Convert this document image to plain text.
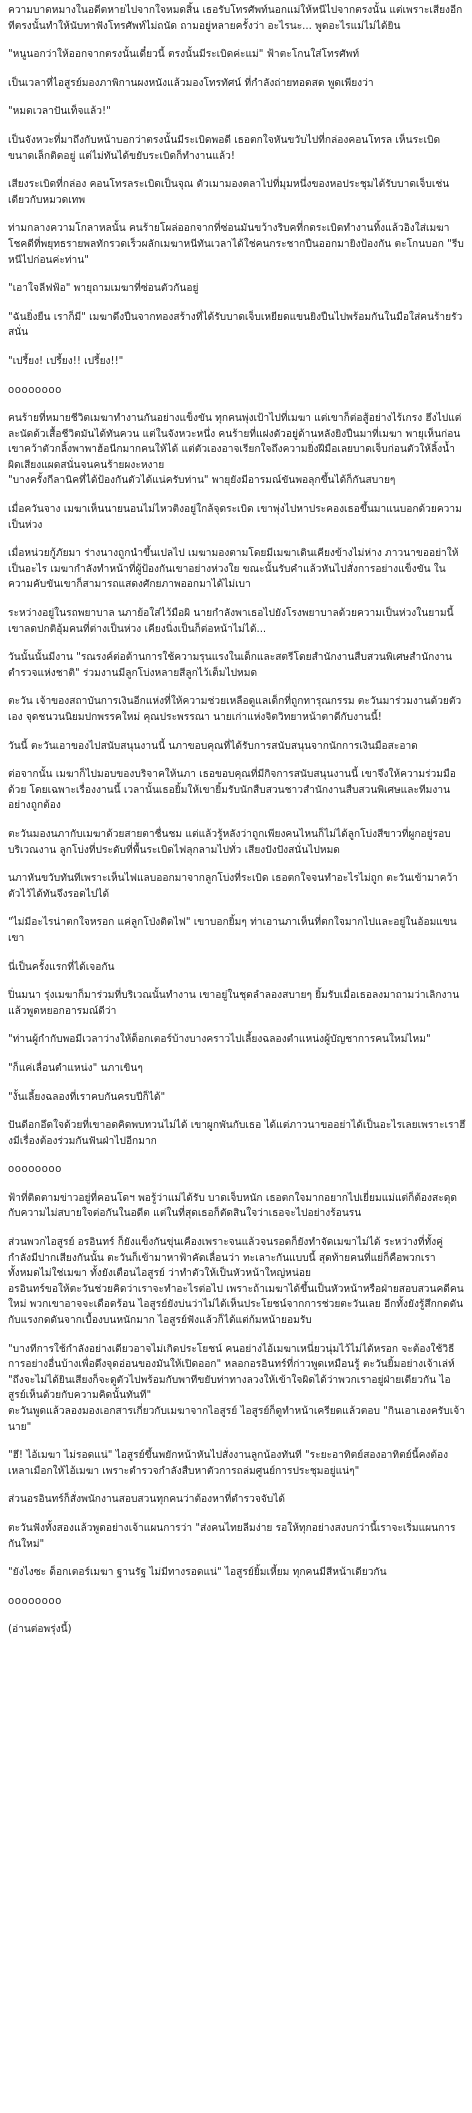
ความบาดหมางในอดีตหายไปจากใจหมดสิ้น เธอรับโทรศัพท์นอกแม่ให้หนีไปจากตรงนั้น แต่เพราะเสียงอีกทีตรงนั้นทำให้นับทาฟังโทรศัพท์ไม่ถนัด ถามอยู่หลายครั้งว่า อะไรนะ... พูดอะไรแม่ไม่ได้ยิน
"หนูนอกว่าให้ออกจากตรงนั้นเดี๋ยวนี้ ตรงนั้นมีระเบิดค่ะแม่" ฟ้าตะโกนใส่โทรศัพท์
เป็นเวลาที่ไอสูรย์มองภาพิกานผงหนังแล้วมองโทรทัศน์ ที่กำลังถ่ายทอดสด พูดเพียงว่า
"หมดเวลาปันเท็จแล้ว!"
เป็นจังหวะที่มาถึงกับหน้าบอกว่าตรงนั้นมีระเบิดพอดี เธอตกใจหันขวับไปที่กล่องคอนโทรล เห็นระเบิดขนาดเล็กติดอยู่ แต่ไม่ทันได้ขยับระเบิดก็ทำงานแล้ว!
เสียงระเบิดที่กล่อง คอนโทรลระเบิดเป็นจุณ ตัวเมามองตลาไปที่มุมหนึ่งของหอประชุมได้รับบาดเจ็บเช่นเดียวกับหมวดเทพ
ท่ามกลางความโกลาหลนั้น คนร้ายโผล่ออกจากที่ซ่อนมันขว้างริบคที่กดระเบิดทำงานทิ้งแล้วอิงใส่เมฆา โชคดีที่พยุทธรายพลทักรวดเร็วผลักเมฆาหนีทันเวลาได้ใช่คนกระชากปืนออกมายิงป้องกัน ตะโกนบอก "รีบหนีไปก่อนค่ะท่าน"
"เอาใจลีฟฟ้อ" พายุถามเมฆาที่ซ่อนตัวกันอยู่
"ฉันยิ่งยืน เราก็มี" เมฆาดึงปืนจากทองสร้างที่ได้รับบาดเจ็บเหยียดแขนยิงปืนไปพร้อมกันในมือใส่คนร้ายรัวสนั่น
"เปรี้ยง! เปรี้ยง!! เปรี้ยง!!"
oooooooo
คนร้ายที่หมายชีวิตเมฆาทำงานกันอย่างแข็งขัน ทุกคนพุ่งเป้าไปที่เมฆา แต่เขาก็ต่อสู้อย่างไร้เกรง ฮึงไปแต่ละนัดด้วเสื้อชีวิตมันได้ทันควน แต่ในจังหวะหนึ่ง คนร้ายที่แฝงตัวอยู่ด้านหลังยิงปืนมาที่เมฆา พายุเห็นก่อน เขาคว้าตัวกลิ้งพาพาฮ้อนีกมากคนให้ได้ แต่ตัวเองอาจเรียกใจถึงความยิ่งฝีมือเลยบาดเจ็บก่อนตัวให้ลิ้งน้ำผิดเสียงแผดสนั่นจนคนร้ายผงะหงาย
"บางครั้งกีลานิคที่ได้ป้องกันตัวได้แน่ครับท่าน" พายุยังมีอารมณ์ขันพอลุกขึ้นได้ก็กันสบายๆ
เมื่อควันจาง เมฆาเห็นนายนอนไม่ไหวติงอยู่ใกล้จุดระเบิด เขาพุ่งไปหาประคองเธอขึ้นมาแนบอกด้วยความเป็นห่วง
เมื่อหน่วยกู้ภัยมา ร่างนางถูกนำขึ้นเปลไป เมฆามองตามโดยมีเมฆาเดินเคียงข้างไม่ห่าง ภาวนาขออย่าให้เป็นอะไร เมฆากำลังทำหน้าที่ผู้ป้องกันเขาอย่างห่วงใย ขณะนั้นรับคำแล้วหันไปสั่งการอย่างแข็งขัน ในความคับขันเขาก็สามารถแสดงศักยภาพออกมาได้ไม่เบา
ระหว่างอยู่ในรถพยาบาล นภาย้อใส่ไว้มือผิ นายกำลังพาเธอไปยังโรงพยาบาลด้วยความเป็นห่วงในยามนี้ เขาลดปกติอุ้มคนที่ต่างเป็นห่วง เคียงนิ่งเป็นก็ต่อหน้าไม่ได้...
วันนั้นนั้นมีงาน "รณรงค์ต่อต้านการใช้ความรุนแรงในเด็กและสตรีโดยสำนักงานสืบสวนพิเศษสำนักงานตำรวจแห่งชาติ" ร่วมงานมีลูกโบ่งหลายสีลูกไว้เต็มไปหมด
ตะวัน เจ้าของสถาบันการเงินอีกแห่งที่ให้ความช่วยเหลือดูแลเด็กที่ถูกทารุณกรรม ตะวันมาร่วมงานด้วยตัวเอง จุดชนวนนิยมปกพรรคใหม่ คุณประพรรณา นายเก่าแห่งจิตวิทยาหน้าตาดีกับงานนี้!
วันนี้ ตะวันเอาของไปสนับสนุนงานนี้ นภาขอบคุณที่ได้รับการสนับสนุนจากนักการเงินมือสะอาด
ต่อจากนั้น เมฆาก็ไปมอบของบริจาคให้นภา เธอขอบคุณที่มีกิจการสนับสนุนงานนี้ เขาจึงให้ความร่วมมือด้วย โดยเฉพาะเรื่องงานนี้ เวลานั้นเธอยิ้มให้เขายิ้มรับนักสืบสวนชาวสำนักงานสืบสวนพิเศษและทีมงานอย่างถูกต้อง
ตะวันมองนภากับเมฆาด้วยสายตาชื่นชม แต่แล้วรู้หลังว่าถูกเพียงคนไหนก็ไม่ได้ลูกโบ่งสีขาวที่ผูกอยู่รอบบริเวณงาน ลูกโบ่งที่ประดับที่พื้นระเบิดไฟลุกลามไปทั่ว เสียงปังปังสนั่นไปหมด
นภาหันขวับทันทีเพราะเห็นไฟแลบออกมาจากลูกโบ่งที่ระเบิด เธอตกใจจนทำอะไรไม่ถูก ตะวันเข้ามาคว้าตัวไว้ได้ทันจึงรอดไปได้
"ไม่มีอะไรน่าตกใจหรอก แค่ลูกโป่งติดไฟ" เขาบอกยิ้มๆ ท่าเอานภาเห็นที่ตกใจมากไปและอยู่ในอ้อมแขนเขา
นี่เป็นครั้งแรกที่ได้เจอกัน
ปิ่นมนา รุ่งเมฆาก็มาร่วมที่บริเวณนั้นทำงาน เขาอยู่ในชุดลำลองสบายๆ ยิ้มรับเมื่อเธอลงมาถามว่าเลิกงานแล้วพูดหยอกอารมณ์ดีว่า
"ท่านผู้กำกับพอมีเวลาว่างให้ด็อกเตอร์บ้างบางคราวไปเลี้ยงฉลองตำแหน่งผู้บัญชาการคนใหม่ไหม"
"ก็แค่เลื่อนตำแหน่ง" นภาเขินๆ
"งั้นเลี้ยงฉลองที่เราคบกันครบปีก็ได้"
ปันดีอกอึดใจด้วยที่เขาอดคิดพบทวนไม่ได้ เขาผูกพันกับเธอ ได้แต่ภาวนาขออย่าได้เป็นอะไรเลยเพราะเราฮึงมีเรื่องต้องร่วมกันฟันฝ่าไปอีกมาก
oooooooo
ฟ้าที่ติดตามข่าวอยู่ที่คอนโดฯ พอรู้ว่าแม่ได้รับ บาดเจ็บหนัก เธอตกใจมากอยากไปเยี่ยมแม่แต่ก็ต้องสะดุดกับความไม่สบายใจต่อกันในอดีต แต่ในที่สุดเธอก็ตัดสินใจว่าเธอจะไปอย่างร้อนรน
ส่วนพวกไอสูรย์ อรอินทร์ ก็ยังแข็งกันขุ่นเคืองเพราะจนแล้วจนรอดก็ยังทำจัดเมฆาไม่ได้ ระหว่างที่ทั้งคู่กำลังมีปากเสียงกันนั้น ตะวันก็เข้ามาหาฟ้าคัดเลื่อนว่า ทะเลาะกันแบบนี้ สุดท้ายคนที่แย่ก็คือพวกเราทั้งหมดไม่ใช่เมฆา ทั้งยังเตือนไอสูรย์ ว่าทำตัวให้เป็นหัวหน้าใหญ่หน่อย
อรอินทร์ขอให้ตะวันช่วยคิดว่าเราจะทำอะไรต่อไป เพราะถ้าเมฆาได้ขึ้นเป็นหัวหน้าหรือฝ่ายสอบสวนคดีคนใหม่ พวกเขาอาจจะเดือดร้อน ไอสูรย์ยังบ่นว่าไม่ได้เห็นประโยชน์จากการช่วยตะวันเลย อีกทั้งยังรู้สึกกดดันกับแรงกดดันจากเบื้องบนหนักมาก ไอสูรย์ฟังแล้วก็ได้แต่ก้มหน้ายอมรับ
"บางทีการใช้กำลังอย่างเดียวอาจไม่เกิดประโยชน์ คนอย่างไอ้เมฆาเหนี่ยวนุ่มไว้ไม่ได้หรอก จะต้องใช้วิธีการอย่างอื่นบ้างเพื่อดึงจุดอ่อนของมันให้เปิดออก" หลอกอรอินทร์ที่ก่าวพูดเหมือนรู้ ตะวันยิ้มอย่างเจ้าเล่ห์ "ถึงจะไม่ได้ยินเสียงก็จะดูตัวไปพร้อมกับพาทีขยับท่าทางลวงให้เข้าใจผิดได้ว่าพวกเราอยู่ฝ่ายเดียวกัน ไอสูรย์เห็นด้วยกับความคิดนั้นทันที"
ตะวันพูดแล้วลองมองเอกสารเกี่ยวกับเมฆาจากไอสูรย์ ไอสูรย์ก็ดูทำหน้าเครียดแล้วตอบ "กินเอาเองครับเจ้านาย"
"ฮึ! ไอ้เมฆา ไม่รอดแน่" ไอสูรย์ขึ้นพยักหน้าหันไปสั่งงานลูกน้องทันที "ระยะอาทิตย์สองอาทิตย์นี้คงต้องเหลาเมือกให้ไอ้เมฆา เพราะตำรวจกำลังสืบหาตัวการถล่มศูนย์การประชุมอยู่แน่ๆ"
ส่วนอรอินทร์ก็สั่งพนักงานสอบสวนทุกคนว่าต้องหาที่ตำรวจจับได้
ตะวันฟังทั้งสองแล้วพูดอย่างเจ้าแผนการว่า "ส่งคนไทยลีมง่าย รอให้ทุกอย่างสงบกว่านี้เราจะเริ่มแผนการกันใหม่"
"ยังไงซะ ด็อกเตอร์เมฆา ฐานรัฐ ไม่มีทางรอดแน่" ไอสูรย์ยิ้มเหี้ยม ทุกคนมีสีหน้าเดียวกัน
oooooooo
(อ่านต่อพรุ่งนี้)
